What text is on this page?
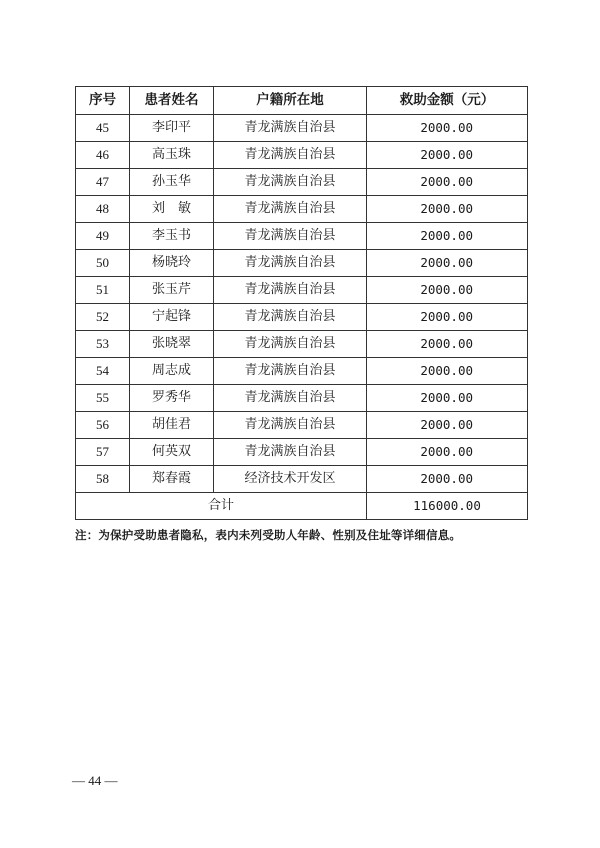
序号	患者姓名	户籍所在地	救助金额（元）
45	李印平	青龙满族自治县	2000.00
46	高玉珠	青龙满族自治县	2000.00
47	孙玉华	青龙满族自治县	2000.00
48	刘　敏	青龙满族自治县	2000.00
49	李玉书	青龙满族自治县	2000.00
50	杨晓玲	青龙满族自治县	2000.00
51	张玉芹	青龙满族自治县	2000.00
52	宁起锋	青龙满族自治县	2000.00
53	张晓翠	青龙满族自治县	2000.00
54	周志成	青龙满族自治县	2000.00
55	罗秀华	青龙满族自治县	2000.00
56	胡佳君	青龙满族自治县	2000.00
57	何英双	青龙满族自治县	2000.00
58	郑春霞	经济技术开发区	2000.00
合计			116000.00
注：为保护受助患者隐私，表内未列受助人年龄、性别及住址等详细信息。
— 44 —
